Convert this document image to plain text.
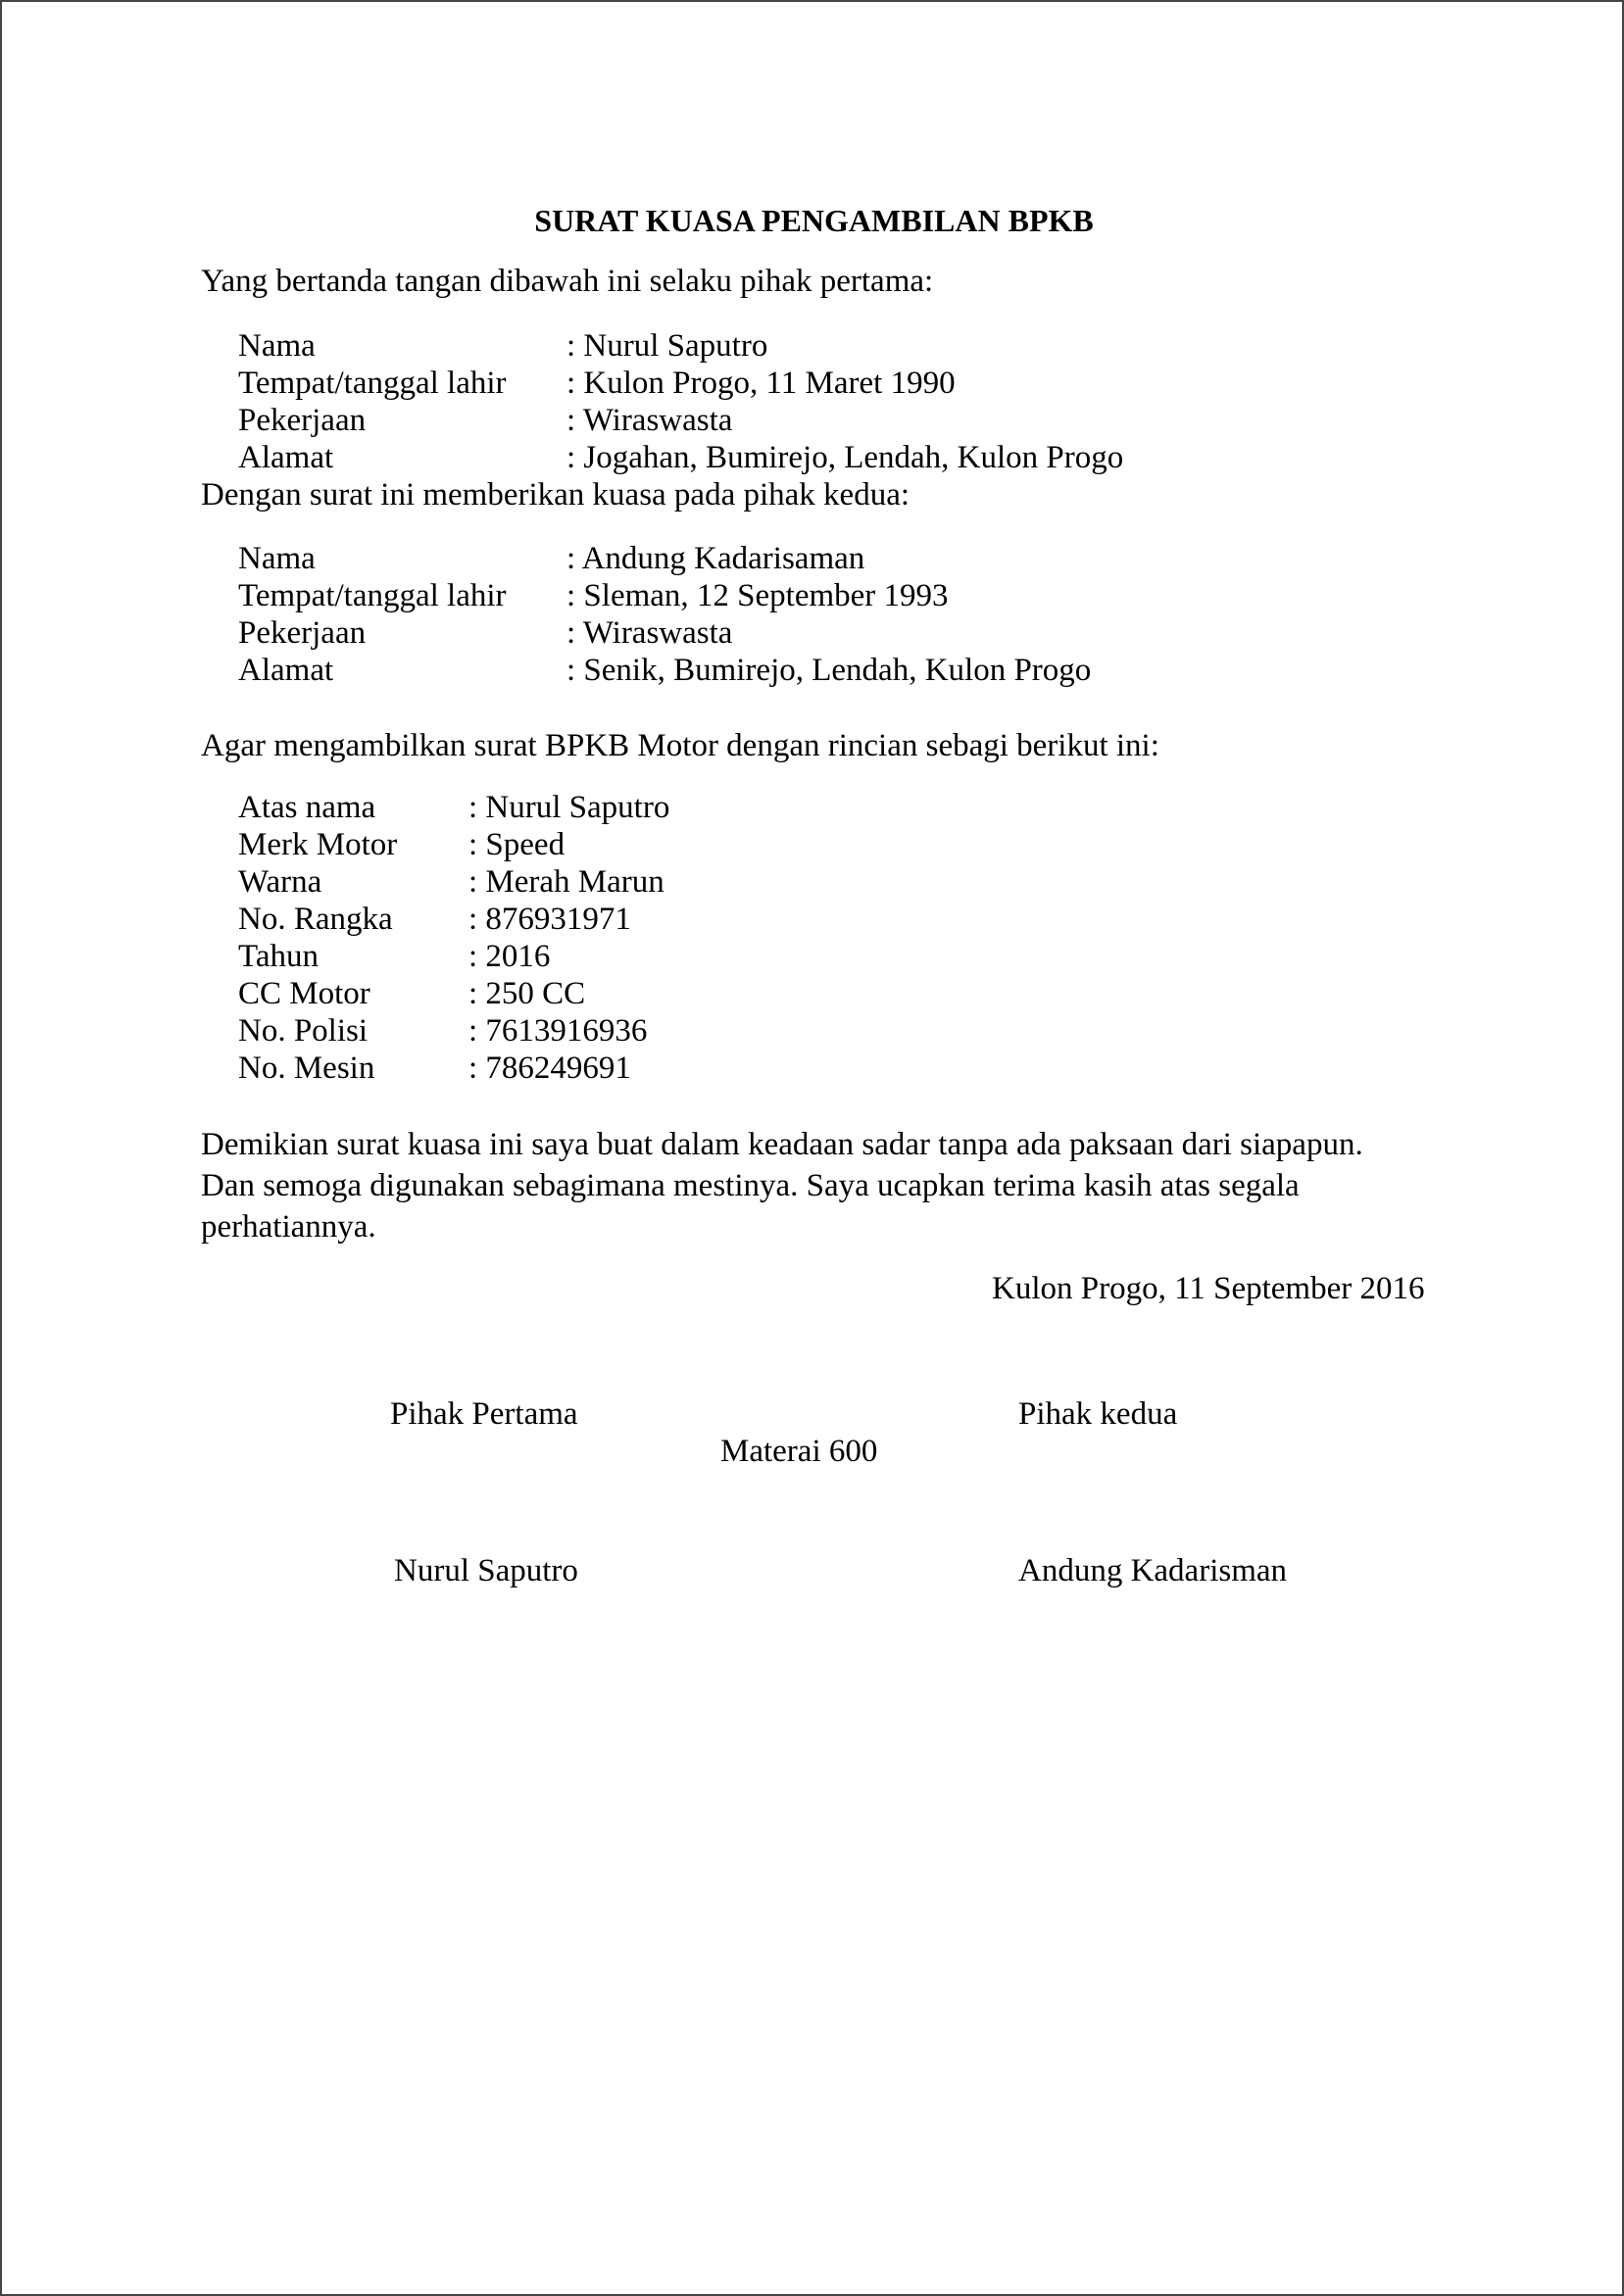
SURAT KUASA PENGAMBILAN BPKB
Yang bertanda tangan dibawah ini selaku pihak pertama:
Nama	: Nurul Saputro
Tempat/tanggal lahir : Kulon Progo, 11 Maret 1990
Pekerjaan	: Wiraswasta
Alamat	: Jogahan, Bumirejo, Lendah, Kulon Progo
Dengan surat ini memberikan kuasa pada pihak kedua:
Nama	: Andung Kadarisaman
Tempat/tanggal lahir : Sleman, 12 September 1993
Pekerjaan	: Wiraswasta
Alamat	: Senik, Bumirejo, Lendah, Kulon Progo
Agar mengambilkan surat BPKB Motor dengan rincian sebagi berikut ini:
Atas nama	: Nurul Saputro
Merk Motor : Speed
Warna	: Merah Marun
No. Rangka : 876931971
Tahun	: 2016
CC Motor	: 250 CC
No. Polisi	: 7613916936
No. Mesin	: 786249691
Demikian surat kuasa ini saya buat dalam keadaan sadar tanpa ada paksaan dari siapapun.
Dan semoga digunakan sebagimana mestinya. Saya ucapkan terima kasih atas segala
perhatiannya.
Kulon Progo, 11 September 2016
Pihak Pertama	Pihak kedua
Materai 600
Nurul Saputro	Andung Kadarisman
